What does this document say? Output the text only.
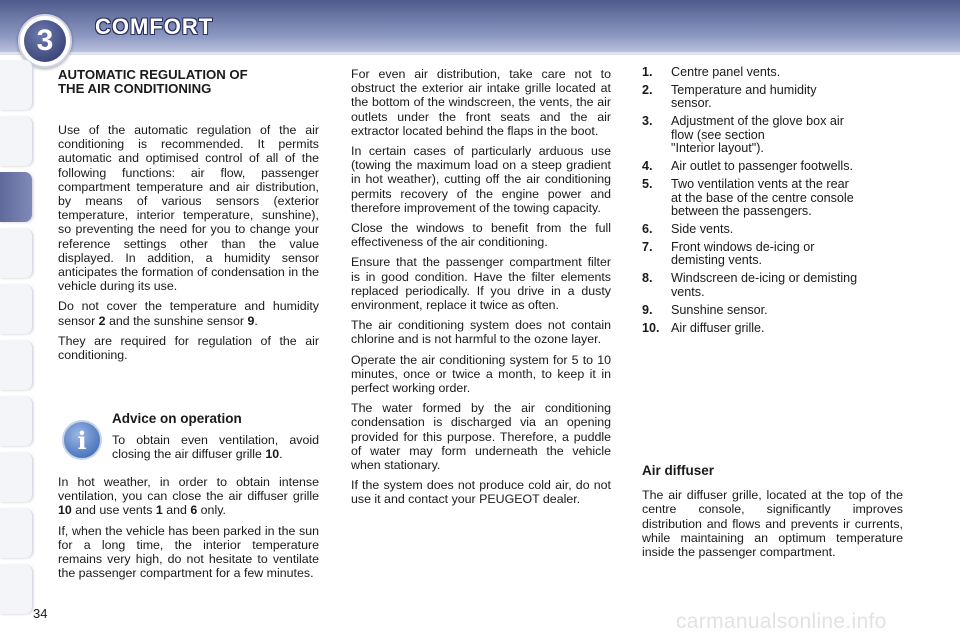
3	COMFORT
AUTOMATIC REGULATION OF
THE AIR CONDITIONING

Use of the automatic regulation of the air conditioning is recommended. It permits automatic and optimised control of all of the following functions: air flow, passenger compartment temperature and air distribution, by means of various sensors (exterior temperature, interior temperature, sunshine), so preventing the need for you to change your reference settings other than the value displayed. In addition, a humidity sensor anticipates the formation of condensation in the vehicle during its use.

Do not cover the temperature and humidity sensor 2 and the sunshine sensor 9.

They are required for regulation of the air conditioning.

i
Advice on operation

To obtain even ventilation, avoid closing the air diffuser grille 10.

In hot weather, in order to obtain intense ventilation, you can close the air diffuser grille 10 and use vents 1 and 6 only.

If, when the vehicle has been parked in the sun for a long time, the interior temperature remains very high, do not hesitate to ventilate the passenger compartment for a few minutes.

For even air distribution, take care not to obstruct the exterior air intake grille located at the bottom of the windscreen, the vents, the air outlets under the front seats and the air extractor located behind the flaps in the boot.

In certain cases of particularly arduous use (towing the maximum load on a steep gradient in hot weather), cutting off the air conditioning permits recovery of the engine power and therefore improvement of the towing capacity.

Close the windows to benefit from the full effectiveness of the air conditioning.

Ensure that the passenger compartment filter is in good condition. Have the filter elements replaced periodically. If you drive in a dusty environment, replace it twice as often.

The air conditioning system does not contain chlorine and is not harmful to the ozone layer.

Operate the air conditioning system for 5 to 10 minutes, once or twice a month, to keep it in perfect working order.

The water formed by the air conditioning condensation is discharged via an opening provided for this purpose. Therefore, a puddle of water may form underneath the vehicle when stationary.

If the system does not produce cold air, do not use it and contact your PEUGEOT dealer.

1.	Centre panel vents.
2.	Temperature and humidity
sensor.
3.	Adjustment of the glove box air
flow (see section
"Interior layout").
4.	Air outlet to passenger footwells.
5.	Two ventilation vents at the rear
at the base of the centre console
between the passengers.
6.	Side vents.
7.	Front windows de-icing or
demisting vents.
8.	Windscreen de-icing or demisting
vents.
9.	Sunshine sensor.
10. Air diffuser grille.
Air diffuser

The air diffuser grille, located at the top of the centre console, significantly improves distribution and flows and prevents ir currents, while maintaining an optimum temperature inside the passenger compartment.

34	carmanualsonline.info
